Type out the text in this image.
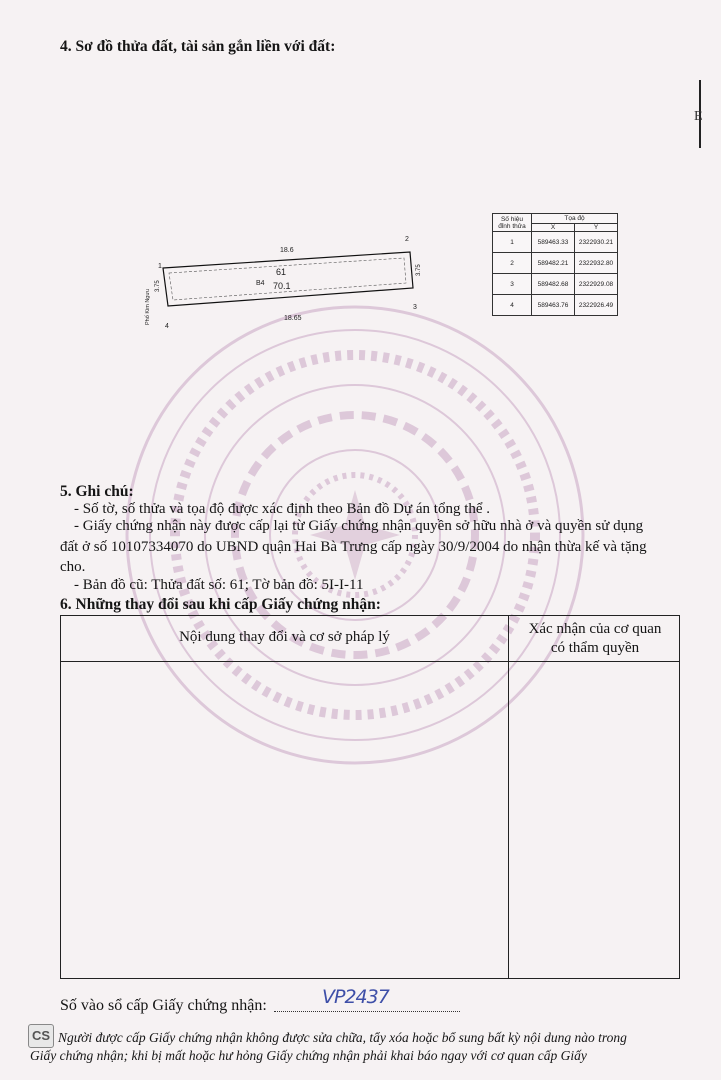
4. Sơ đồ thửa đất, tài sản gắn liền với đất:
18.6
18.65
61
70.1
B4
1
2
3
4
3.75
3.75
Phố Kim Ngưu
Số hiệu
đỉnh thửa	Tọa độ	
	X	Y
1	589463.33	2322930.21
2	589482.21	2322932.80
3	589482.68	2322929.08
4	589463.76	2322926.49
5. Ghi chú:
- Số tờ, số thửa và tọa độ được xác định theo Bản đồ Dự án tổng thể .
- Giấy chứng nhận này được cấp lại từ Giấy chứng nhận quyền sở hữu nhà ở và quyền sử dụng
đất ở số 10107334070 do UBND quận Hai Bà Trưng cấp ngày 30/9/2004 do nhận thừa kế và tặng
cho.
- Bản đồ cũ: Thửa đất số: 61; Tờ bản đồ: 5I-I-11
6. Những thay đổi sau khi cấp Giấy chứng nhận:
Nội dung thay đổi và cơ sở pháp lý	Xác nhận của cơ quan
có thẩm quyền
Số vào sổ cấp Giấy chứng nhận:	VP2437
CS Người được cấp Giấy chứng nhận không được sửa chữa, tẩy xóa hoặc bổ sung bất kỳ nội dung nào trong
Giấy chứng nhận; khi bị mất hoặc hư hỏng Giấy chứng nhận phải khai báo ngay với cơ quan cấp Giấy
E
